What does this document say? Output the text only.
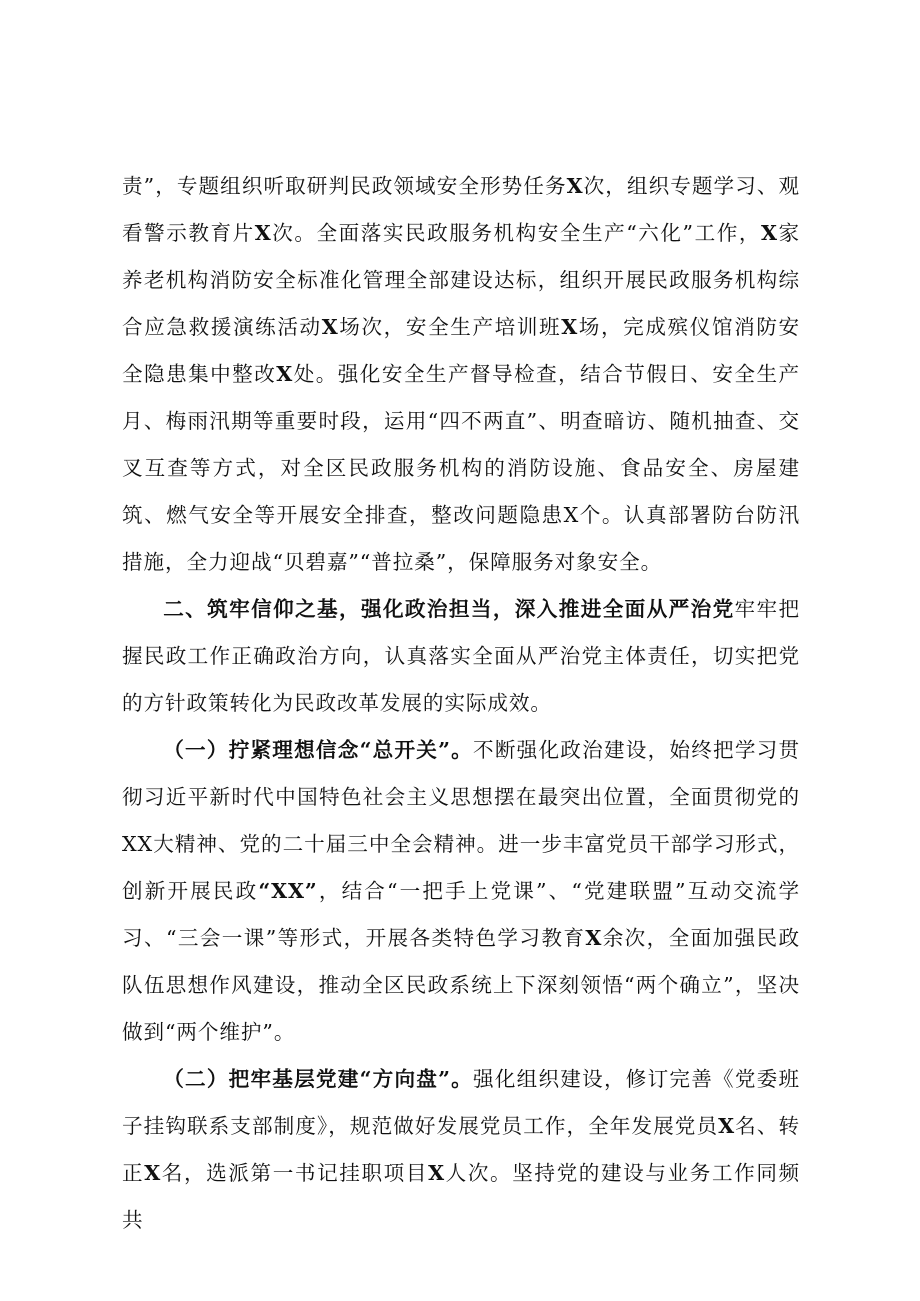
责”，专题组织听取研判民政领域安全形势任务X次，组织专题学习、观看警示教育片X次。全面落实民政服务机构安全生产“六化”工作，X家养老机构消防安全标准化管理全部建设达标，组织开展民政服务机构综合应急救援演练活动X场次，安全生产培训班X场，完成殡仪馆消防安全隐患集中整改X处。强化安全生产督导检查，结合节假日、安全生产月、梅雨汛期等重要时段，运用“四不两直”、明查暗访、随机抽查、交叉互查等方式，对全区民政服务机构的消防设施、食品安全、房屋建筑、燃气安全等开展安全排查，整改问题隐患X个。认真部署防台防汛措施，全力迎战“贝碧嘉”“普拉桑”，保障服务对象安全。

二、筑牢信仰之基，强化政治担当，深入推进全面从严治党牢牢把握民政工作正确政治方向，认真落实全面从严治党主体责任，切实把党的方针政策转化为民政改革发展的实际成效。

（一）拧紧理想信念“总开关”。不断强化政治建设，始终把学习贯彻习近平新时代中国特色社会主义思想摆在最突出位置，全面贯彻党的XX大精神、党的二十届三中全会精神。进一步丰富党员干部学习形式，创新开展民政“XX”，结合“一把手上党课”、“党建联盟”互动交流学习、“三会一课”等形式，开展各类特色学习教育X余次，全面加强民政队伍思想作风建设，推动全区民政系统上下深刻领悟“两个确立”，坚决做到“两个维护”。

（二）把牢基层党建“方向盘”。强化组织建设，修订完善《党委班子挂钩联系支部制度》，规范做好发展党员工作，全年发展党员X名、转正X名，选派第一书记挂职项目X人次。坚持党的建设与业务工作同频共
